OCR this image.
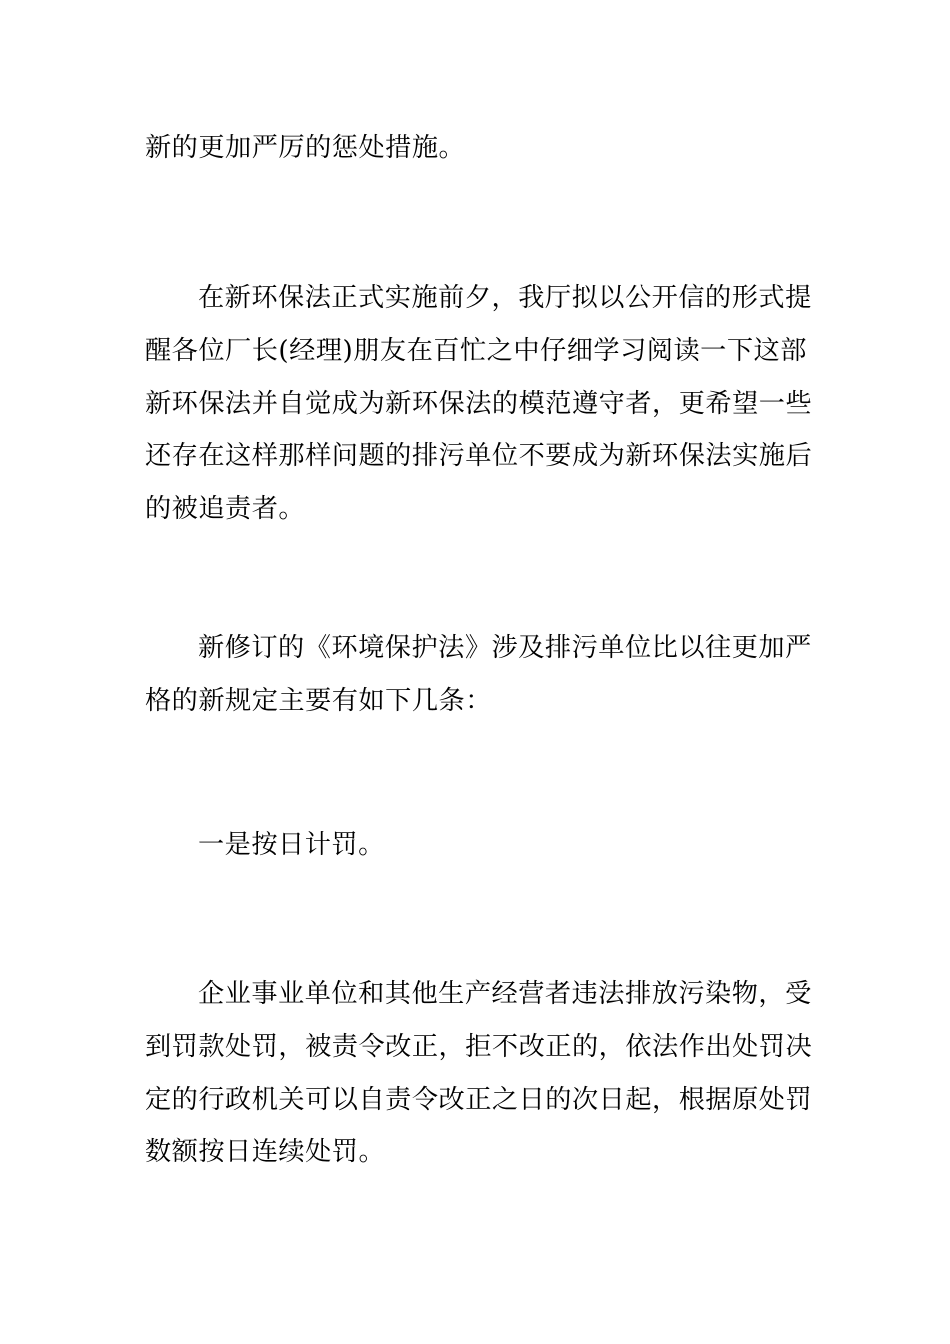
新的更加严厉的惩处措施。

在新环保法正式实施前夕，我厅拟以公开信的形式提
醒各位厂长(经理)朋友在百忙之中仔细学习阅读一下这部
新环保法并自觉成为新环保法的模范遵守者，更希望一些
还存在这样那样问题的排污单位不要成为新环保法实施后
的被追责者。

新修订的《环境保护法》涉及排污单位比以往更加严
格的新规定主要有如下几条：

一是按日计罚。

企业事业单位和其他生产经营者违法排放污染物，受
到罚款处罚，被责令改正，拒不改正的，依法作出处罚决
定的行政机关可以自责令改正之日的次日起，根据原处罚
数额按日连续处罚。
